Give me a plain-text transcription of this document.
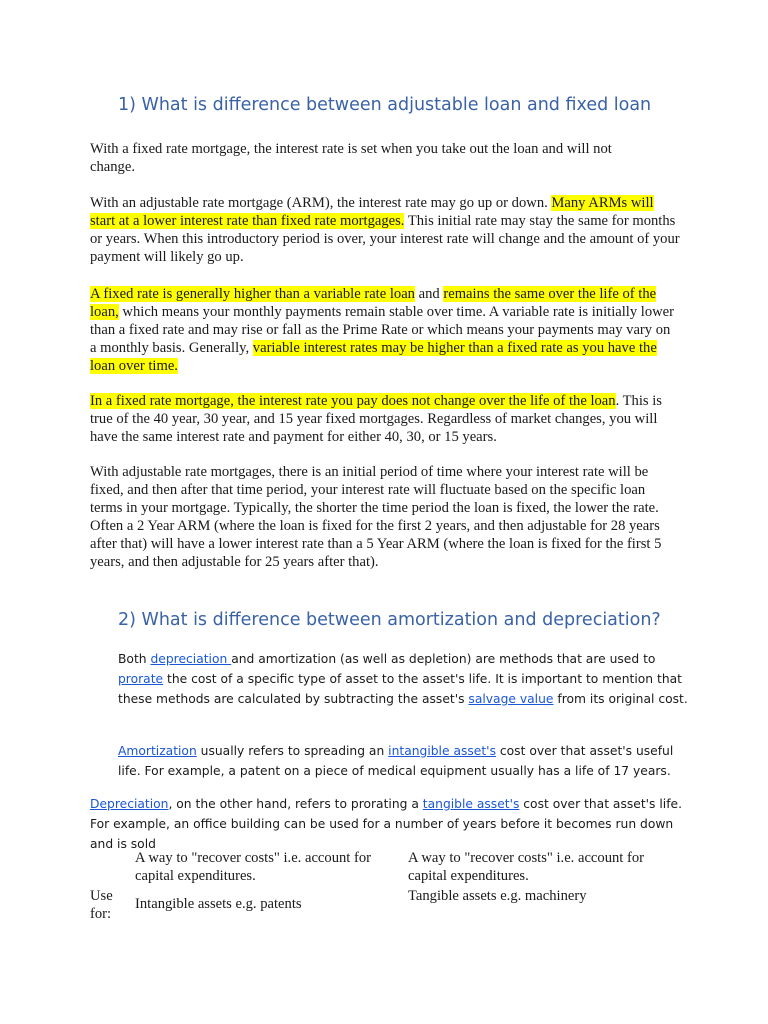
1) What is difference between adjustable loan and fixed loan

With a fixed rate mortgage, the interest rate is set when you take out the loan and will not change.

With an adjustable rate mortgage (ARM), the interest rate may go up or down. Many ARMs will start at a lower interest rate than fixed rate mortgages. This initial rate may stay the same for months or years. When this introductory period is over, your interest rate will change and the amount of your payment will likely go up.

A fixed rate is generally higher than a variable rate loan and remains the same over the life of the loan, which means your monthly payments remain stable over time. A variable rate is initially lower than a fixed rate and may rise or fall as the Prime Rate or which means your payments may vary on a monthly basis. Generally, variable interest rates may be higher than a fixed rate as you have the loan over time.

In a fixed rate mortgage, the interest rate you pay does not change over the life of the loan. This is true of the 40 year, 30 year, and 15 year fixed mortgages. Regardless of market changes, you will have the same interest rate and payment for either 40, 30, or 15 years.

With adjustable rate mortgages, there is an initial period of time where your interest rate will be fixed, and then after that time period, your interest rate will fluctuate based on the specific loan terms in your mortgage. Typically, the shorter the time period the loan is fixed, the lower the rate. Often a 2 Year ARM (where the loan is fixed for the first 2 years, and then adjustable for 28 years after that) will have a lower interest rate than a 5 Year ARM (where the loan is fixed for the first 5 years, and then adjustable for 25 years after that).

2) What is difference between amortization and depreciation?

Both depreciation and amortization (as well as depletion) are methods that are used to prorate the cost of a specific type of asset to the asset's life. It is important to mention that these methods are calculated by subtracting the asset's salvage value from its original cost.

Amortization usually refers to spreading an intangible asset's cost over that asset's useful life. For example, a patent on a piece of medical equipment usually has a life of 17 years.

Depreciation, on the other hand, refers to prorating a tangible asset's cost over that asset's life. For example, an office building can be used for a number of years before it becomes run down and is sold

A way to "recover costs" i.e. account for capital expenditures.

A way to "recover costs" i.e. account for capital expenditures.

Use for:

Intangible assets e.g. patents	Tangible assets e.g. machinery
